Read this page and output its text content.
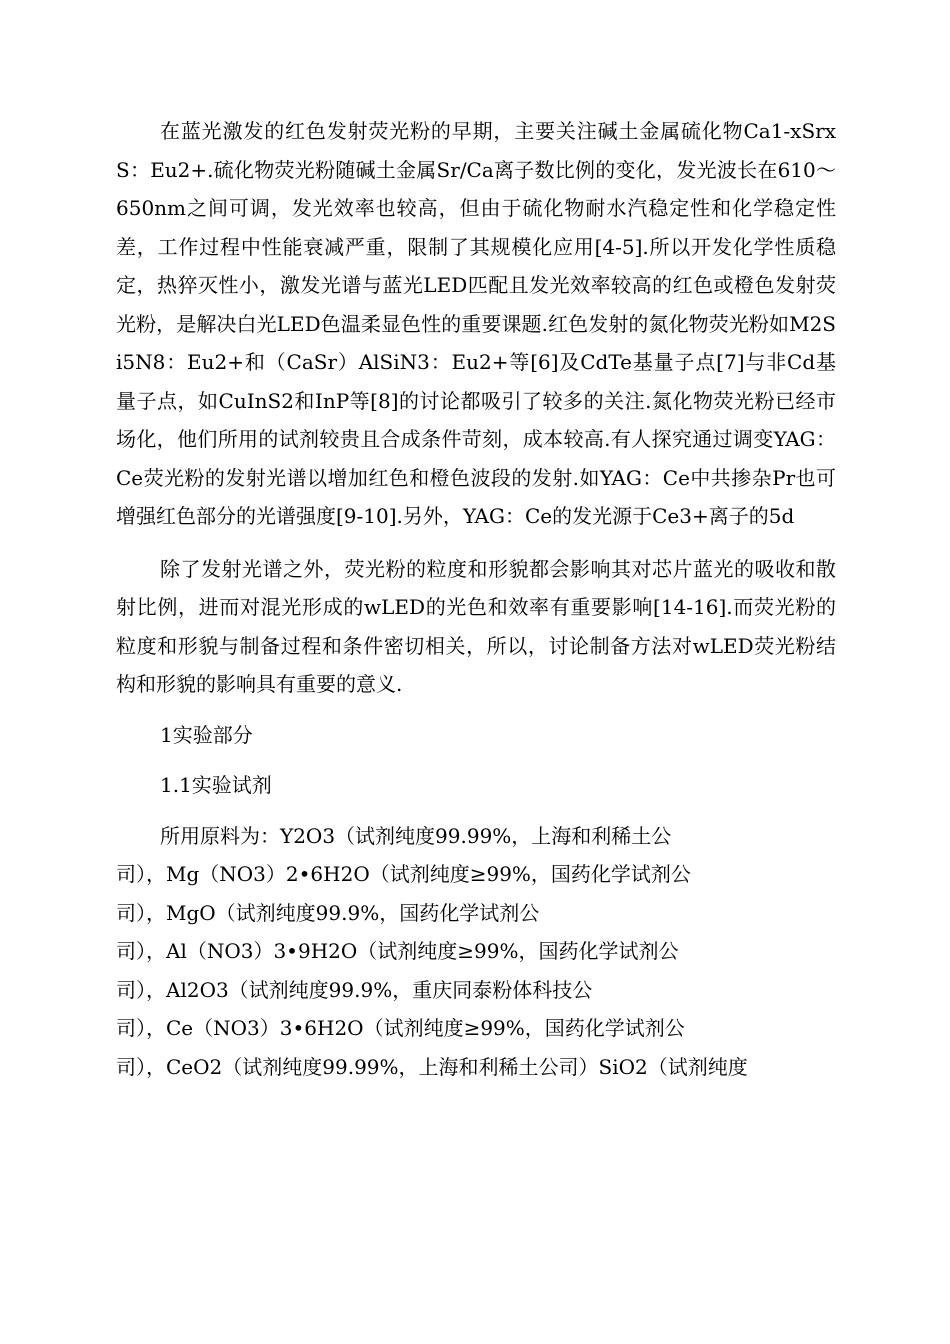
在蓝光激发的红色发射荧光粉的早期，主要关注碱土金属硫化物Ca1-xSrxS：Eu2+.硫化物荧光粉随碱土金属Sr/Ca离子数比例的变化，发光波长在610～650nm之间可调，发光效率也较高，但由于硫化物耐水汽稳定性和化学稳定性差，工作过程中性能衰减严重，限制了其规模化应用[4-5].所以开发化学性质稳定，热猝灭性小，激发光谱与蓝光LED匹配且发光效率较高的红色或橙色发射荧光粉，是解决白光LED色温柔显色性的重要课题.红色发射的氮化物荧光粉如M2Si5N8：Eu2+和（CaSr）AlSiN3：Eu2+等[6]及CdTe基量子点[7]与非Cd基量子点，如CuInS2和InP等[8]的讨论都吸引了较多的关注.氮化物荧光粉已经市场化，他们所用的试剂较贵且合成条件苛刻，成本较高.有人探究通过调变YAG：Ce荧光粉的发射光谱以增加红色和橙色波段的发射.如YAG：Ce中共掺杂Pr也可增强红色部分的光谱强度[9-10].另外，YAG：Ce的发光源于Ce3+离子的5d

除了发射光谱之外，荧光粉的粒度和形貌都会影响其对芯片蓝光的吸收和散射比例，进而对混光形成的wLED的光色和效率有重要影响[14-16].而荧光粉的粒度和形貌与制备过程和条件密切相关，所以，讨论制备方法对wLED荧光粉结构和形貌的影响具有重要的意义.

1实验部分

1.1实验试剂

所用原料为：Y2O3（试剂纯度99.99%，上海和利稀土公

司），Mg（NO3）2•6H2O（试剂纯度≥99%，国药化学试剂公

司），MgO（试剂纯度99.9%，国药化学试剂公

司），Al（NO3）3•9H2O（试剂纯度≥99%，国药化学试剂公

司），Al2O3（试剂纯度99.9%，重庆同泰粉体科技公

司），Ce（NO3）3•6H2O（试剂纯度≥99%，国药化学试剂公

司），CeO2（试剂纯度99.99%，上海和利稀土公司）SiO2（试剂纯度
